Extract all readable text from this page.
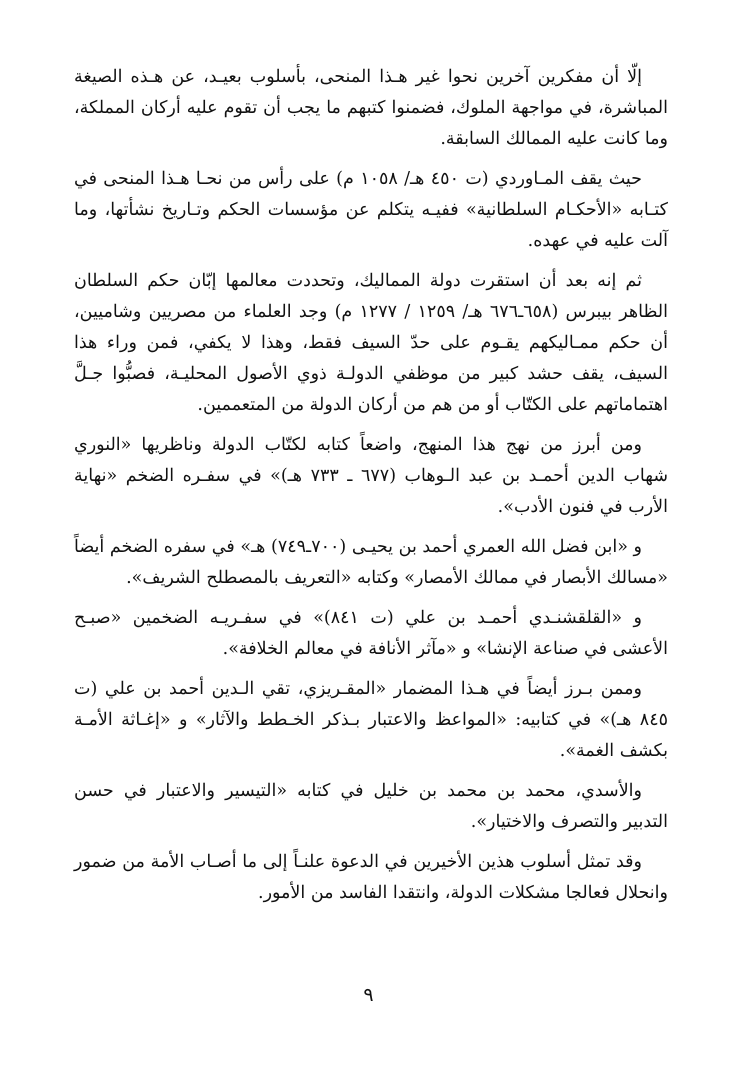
إلّا أن مفكرين آخرين نحوا غير هـذا المنحى، بأسلوب بعيـد، عن هـذه الصيغة المباشرة، في مواجهة الملوك، فضمنوا كتبهم ما يجب أن تقوم عليه أركان المملكة، وما كانت عليه الممالك السابقة.

حيث يقف المـاوردي (ت ٤٥٠ هـ/ ١٠٥٨ م) على رأس من نحـا هـذا المنحى في كتـابه «الأحكـام السلطانية» ففيـه يتكلم عن مؤسسات الحكم وتـاريخ نشأتها، وما آلت عليه في عهده.

ثم إنه بعد أن استقرت دولة المماليك، وتحددت معالمها إبّان حكم السلطان الظاهر بيبرس (٦٥٨ـ٦٧٦ هـ/ ١٢٥٩ / ١٢٧٧ م) وجد العلماء من مصريين وشاميين، أن حكم ممـاليكهم يقـوم على حدّ السيف فقط، وهذا لا يكفي، فمن وراء هذا السيف، يقف حشد كبير من موظفي الدولـة ذوي الأصول المحليـة، فصبُّوا جـلَّ اهتماماتهم على الكتّاب أو من هم من أركان الدولة من المتعممين.

ومن أبرز من نهج هذا المنهج، واضعاً كتابه لكتّاب الدولة وناظريها «النوري شهاب الدين أحمـد بن عبد الـوهاب (٦٧٧ ـ ٧٣٣ هـ)» في سفـره الضخم «نهاية الأرب في فنون الأدب».

و «ابن فضل الله العمري أحمد بن يحيـى (٧٠٠ـ٧٤٩) هـ» في سفره الضخم أيضاً «مسالك الأبصار في ممالك الأمصار» وكتابه «التعريف بالمصطلح الشريف».

و «القلقشنـدي أحمـد بن علي (ت ٨٤١)» في سفـريـه الضخمين «صبـح الأعشى في صناعة الإنشا» و «مآثر الأنافة في معالم الخلافة».

وممن بـرز أيضاً في هـذا المضمار «المقـريزي، تقي الـدين أحمد بن علي (ت ٨٤٥ هـ)» في كتابيه: «المواعظ والاعتبار بـذكر الخـطط والآثار» و «إغـاثة الأمـة بكشف الغمة».

والأسدي، محمد بن محمد بن خليل في كتابه «التيسير والاعتبار في حسن التدبير والتصرف والاختيار».

وقد تمثل أسلوب هذين الأخيرين في الدعوة علنـاً إلى ما أصـاب الأمة من ضمور وانحلال فعالجا مشكلات الدولة، وانتقدا الفاسد من الأمور.

٩
